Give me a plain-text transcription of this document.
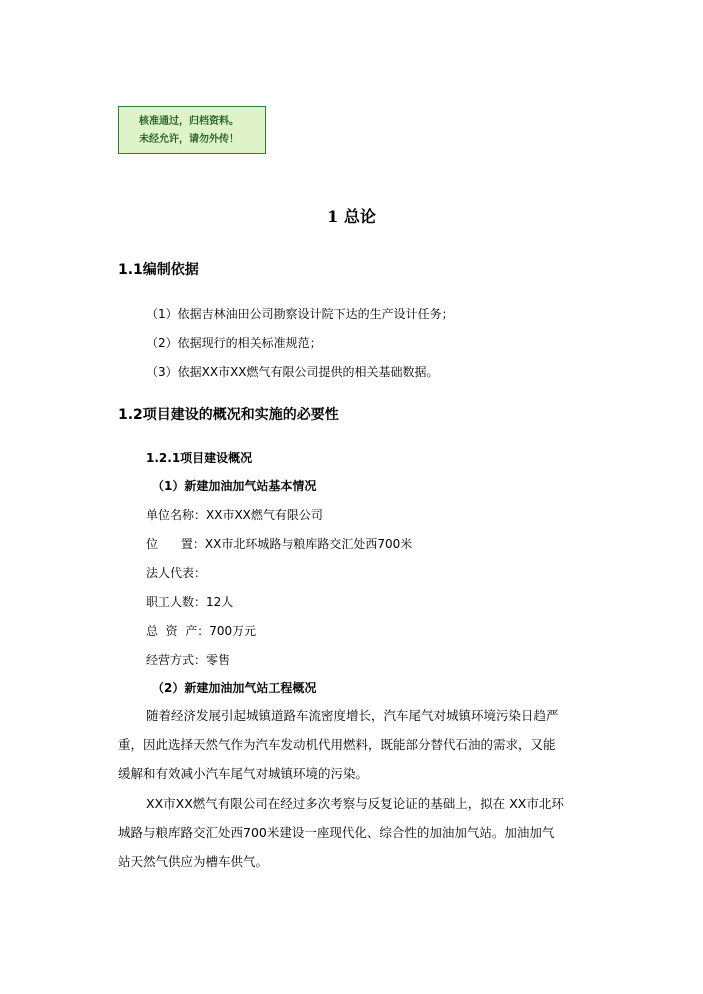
核准通过，归档资料。
未经允许，请勿外传！
1 总论
1.1编制依据
（1）依据吉林油田公司勘察设计院下达的生产设计任务；
（2）依据现行的相关标准规范；
（3）依据XX市XX燃气有限公司提供的相关基础数据。
1.2项目建设的概况和实施的必要性
1.2.1项目建设概况
（1）新建加油加气站基本情况
单位名称：XX市XX燃气有限公司
位      置：XX市北环城路与粮库路交汇处西700米
法人代表：
职工人数：12人
总  资  产：700万元
经营方式：零售
（2）新建加油加气站工程概况
随着经济发展引起城镇道路车流密度增长，汽车尾气对城镇环境污染日趋严
重，因此选择天然气作为汽车发动机代用燃料，既能部分替代石油的需求，又能
缓解和有效减小汽车尾气对城镇环境的污染。
XX市XX燃气有限公司在经过多次考察与反复论证的基础上，拟在 XX市北环
城路与粮库路交汇处西700米建设一座现代化、综合性的加油加气站。加油加气
站天然气供应为槽车供气。
